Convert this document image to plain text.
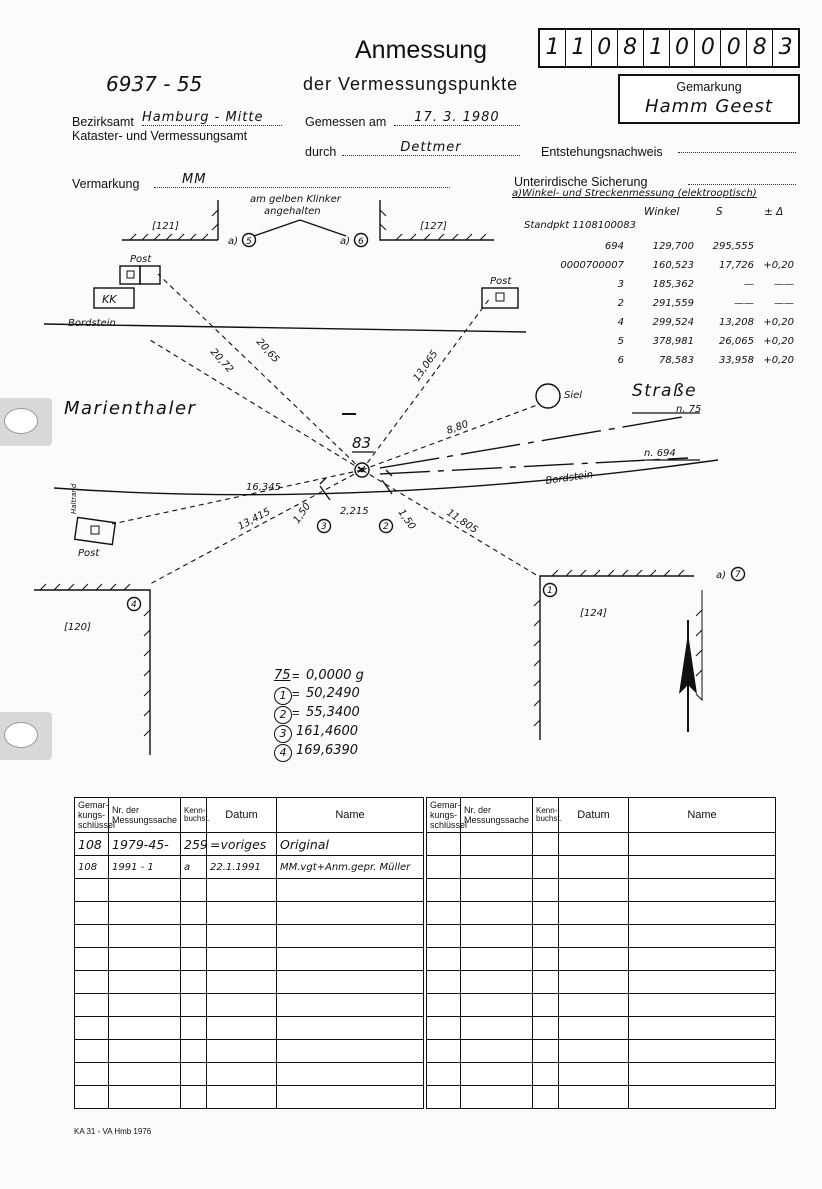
Anmessung
der Vermessungspunkte
6937 - 55
1 1 0 8 1 0 0 0 8 3
Gemarkung
Hamm Geest
Bezirksamt Hamburg - Mitte
Kataster- und Vermessungsamt
Gemessen am	17. 3. 1980
durch	Dettmer	Entstehungsnachweis
Vermarkung	MM	Unterirdische Sicherung
a)Winkel- und Streckenmessung (elektrooptisch)
Winkel	S	± Δ
Standpkt 1108100083
694	129,700	295,555
0000700007	160,523	17,726 +0,20
3	185,362	—	——
2	291,559	——	——
4	299,524	13,208 +0,20
5	378,981	26,065 +0,20
6	78,583	33,958 +0,20
am gelben Klinker
angehalten
[121]	[127]
a)	a)
5	6
Post
KK
Post
Bordstein
20,72 20,65	13,065
8,80
Marienthaler
Straße
Siel
n. 75
n. 694
83
Bordstein
16,345
Haltrand
Post
13,415 1,50	2,215	1,50	11,805
3	2
4
1
a) 7
[120]
[124]
75 0,0000 g
1	50,2490
2	55,3400
3 161,4600
4 169,6390
=
=
=
Gemar-kungs-schlüssel	Nr. der Messungssache	Kenn-buchst.	Datum	Name
108	1979-45-	259	=voriges	Original
108	1991 - 1	a	22.1.1991	MM.vgt+Anm.gepr. Müller

Gemar-kungs-schlüssel	Nr. der Messungssache	Kenn-buchst.	Datum	Name

KA 31 - VA Hmb 1976
